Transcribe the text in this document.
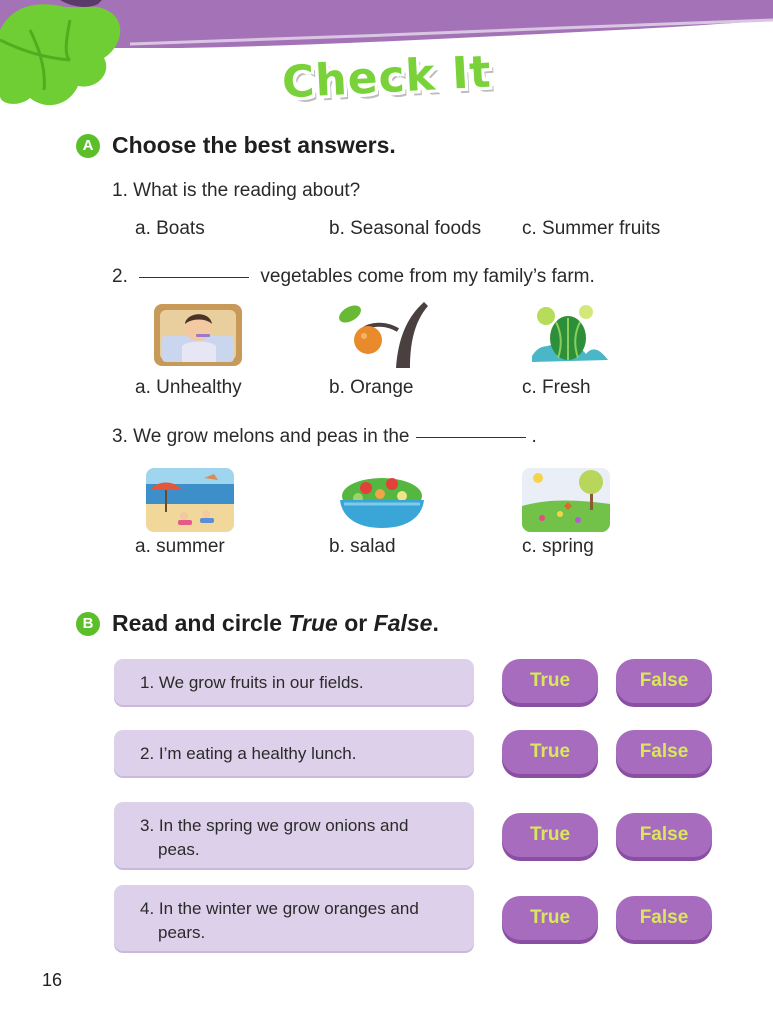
Check It
A Choose the best answers.
1. What is the reading about?
a. Boats	b. Seasonal foods c. Summer fruits
2.	vegetables come from my family’s farm.
a. Unhealthy	b. Orange	c. Fresh
3. We grow melons and peas in the	.
a. summer	b. salad	c. spring
B Read and circle True or False.
1. We grow fruits in our fields.	True	False
2. I’m eating a healthy lunch.	True	False
3. In the spring we grow onions and
peas.
True	False
4. In the winter we grow oranges and
pears.
True	False
16
